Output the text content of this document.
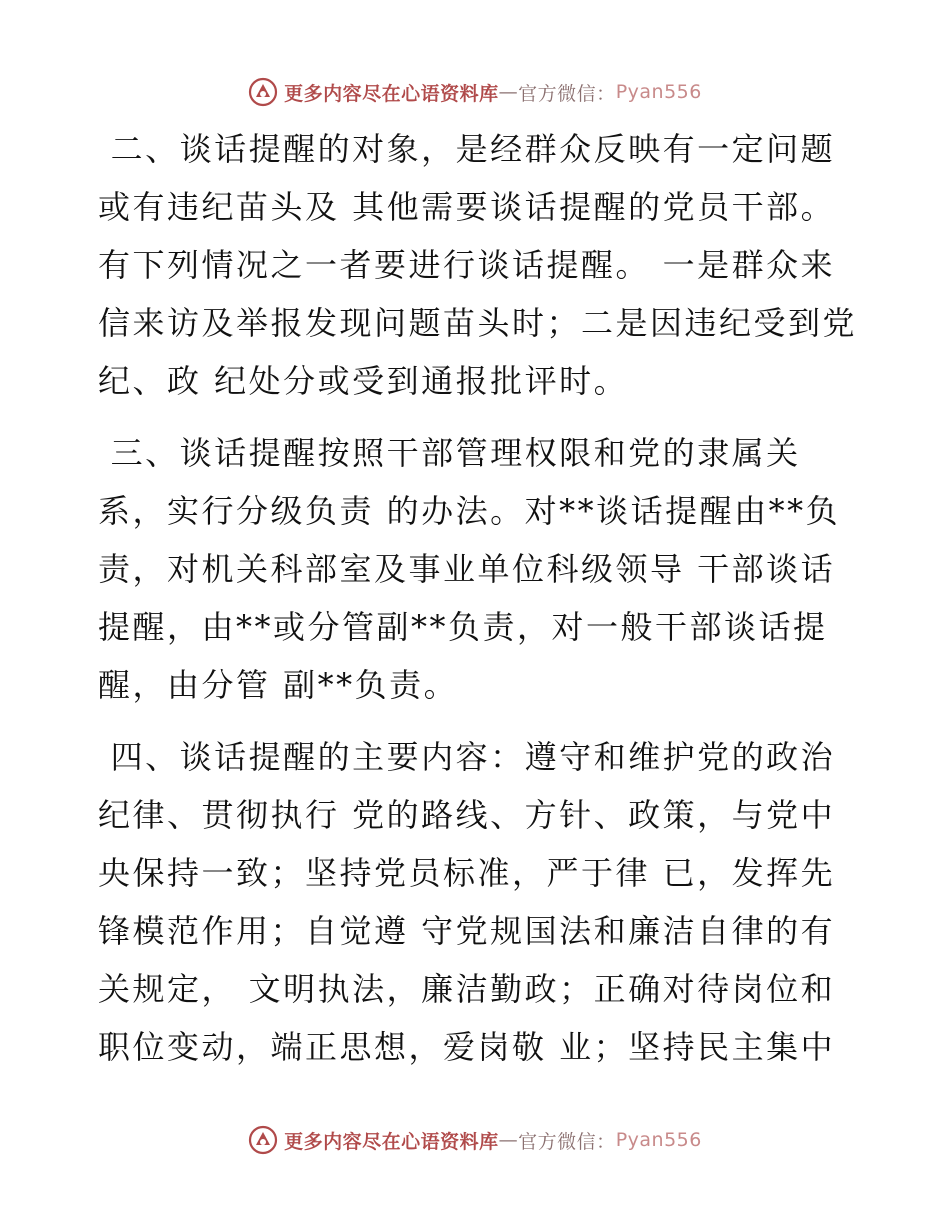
更多内容尽在心语资料库 — 官方微信： Pyan556
二、谈话提醒的对象，是经群众反映有一定问题
或有违纪苗头及 其他需要谈话提醒的党员干部。
有下列情况之一者要进行谈话提醒。 一是群众来
信来访及举报发现问题苗头时；二是因违纪受到党
纪、政 纪处分或受到通报批评时。
三、谈话提醒按照干部管理权限和党的隶属关
系，实行分级负责 的办法。对**谈话提醒由**负
责，对机关科部室及事业单位科级领导 干部谈话
提醒，由**或分管副**负责，对一般干部谈话提
醒，由分管 副**负责。
四、谈话提醒的主要内容：遵守和维护党的政治
纪律、贯彻执行 党的路线、方针、政策，与党中
央保持一致；坚持党员标准，严于律 已，发挥先
锋模范作用；自觉遵 守党规国法和廉洁自律的有
关规定， 文明执法，廉洁勤政；正确对待岗位和
职位变动，端正思想，爱岗敬 业；坚持民主集中
更多内容尽在心语资料库 — 官方微信： Pyan556
